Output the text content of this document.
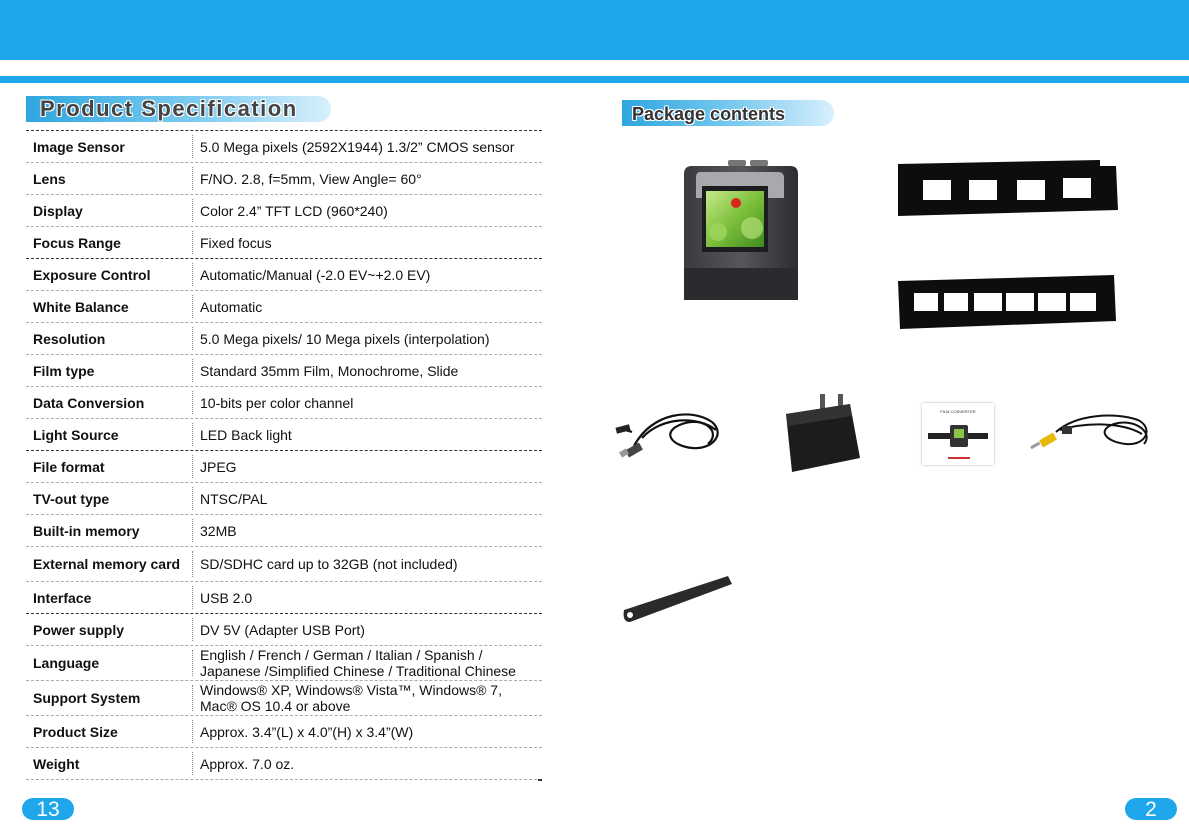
Product Specification
Image Sensor	5.0 Mega pixels (2592X1944) 1.3/2” CMOS sensor
Lens	F/NO. 2.8, f=5mm, View Angle= 60°
Display	Color 2.4” TFT LCD (960*240)
Focus Range	Fixed focus
Exposure Control	Automatic/Manual (-2.0 EV~+2.0 EV)
White Balance	Automatic
Resolution	5.0 Mega pixels/ 10 Mega pixels (interpolation)
Film type	Standard 35mm Film, Monochrome, Slide
Data Conversion	10-bits per color channel
Light Source	LED Back light
File format	JPEG
TV-out type	NTSC/PAL
Built-in memory	32MB
External memory card	SD/SDHC card up to 32GB (not included)
Interface	USB 2.0
Power supply	DV 5V (Adapter USB Port)
Language	English / French / German / Italian / Spanish / Japanese /Simplified Chinese / Traditional Chinese
Support System	Windows® XP, Windows® Vista™, Windows® 7, Mac® OS 10.4 or above
Product Size	Approx. 3.4”(L) x 4.0”(H) x 3.4”(W)
Weight	Approx. 7.0 oz.
Package contents
FILM CONVERTER
13	2
